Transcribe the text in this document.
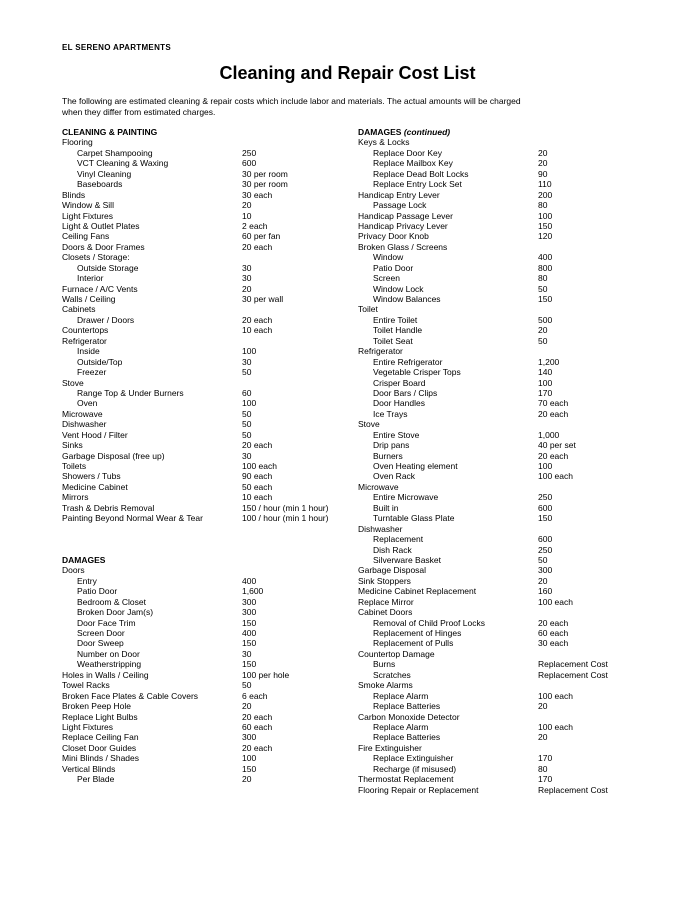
EL SERENO APARTMENTS
Cleaning and Repair Cost List
The following are estimated cleaning & repair costs which include labor and materials. The actual amounts will be charged when they differ from estimated charges.
CLEANING & PAINTING
Flooring
Carpet Shampooing	250
VCT Cleaning & Waxing	600
Vinyl Cleaning	30 per room
Baseboards	30 per room
Blinds	30 each
Window & Sill	20
Light Fixtures	10
Light & Outlet Plates	2 each
Ceiling Fans	60 per fan
Doors & Door Frames	20 each
Closets / Storage:
Outside Storage	30
Interior	30
Furnace / A/C Vents	20
Walls / Ceiling	30 per wall
Cabinets
Drawer / Doors	20 each
Countertops	10 each
Refrigerator
Inside	100
Outside/Top	30
Freezer	50
Stove
Range Top & Under Burners	60
Oven	100
Microwave	50
Dishwasher	50
Vent Hood / Filter	50
Sinks	20 each
Garbage Disposal (free up)	30
Toilets	100 each
Showers / Tubs	90 each
Medicine Cabinet	50 each
Mirrors	10 each
Trash & Debris Removal	150 / hour (min 1 hour)
Painting Beyond Normal Wear & Tear	100 / hour (min 1 hour)
DAMAGES
Doors
Entry	400
Patio Door	1,600
Bedroom & Closet	300
Broken Door Jam(s)	300
Door Face Trim	150
Screen Door	400
Door Sweep	150
Number on Door	30
Weatherstripping	150
Holes in Walls / Ceiling	100 per hole
Towel Racks	50
Broken Face Plates & Cable Covers	6 each
Broken Peep Hole	20
Replace Light Bulbs	20 each
Light Fixtures	60 each
Replace Ceiling Fan	300
Closet Door Guides	20 each
Mini Blinds / Shades	100
Vertical Blinds	150
Per Blade	20
DAMAGES (continued)
Keys & Locks
Replace Door Key	20
Replace Mailbox Key	20
Replace Dead Bolt Locks	90
Replace Entry Lock Set	110
Handicap Entry Lever	200
Passage Lock	80
Handicap Passage Lever	100
Handicap Privacy Lever	150
Privacy Door Knob	120
Broken Glass / Screens
Window	400
Patio Door	800
Screen	80
Window Lock	50
Window Balances	150
Toilet
Entire Toilet	500
Toilet Handle	20
Toilet Seat	50
Refrigerator
Entire Refrigerator	1,200
Vegetable Crisper Tops	140
Crisper Board	100
Door Bars / Clips	170
Door Handles	70 each
Ice Trays	20 each
Stove
Entire Stove	1,000
Drip pans	40 per set
Burners	20 each
Oven Heating element	100
Oven Rack	100 each
Microwave
Entire Microwave	250
Built in	600
Turntable Glass Plate	150
Dishwasher
Replacement	600
Dish Rack	250
Silverware Basket	50
Garbage Disposal	300
Sink Stoppers	20
Medicine Cabinet Replacement	160
Replace Mirror	100 each
Cabinet Doors
Removal of Child Proof Locks	20 each
Replacement of Hinges	60 each
Replacement of Pulls	30 each
Countertop Damage
Burns	Replacement Cost
Scratches	Replacement Cost
Smoke Alarms
Replace Alarm	100 each
Replace Batteries	20
Carbon Monoxide Detector
Replace Alarm	100 each
Replace Batteries	20
Fire Extinguisher
Replace Extinguisher	170
Recharge (if misused)	80
Thermostat Replacement	170
Flooring Repair or Replacement	Replacement Cost
